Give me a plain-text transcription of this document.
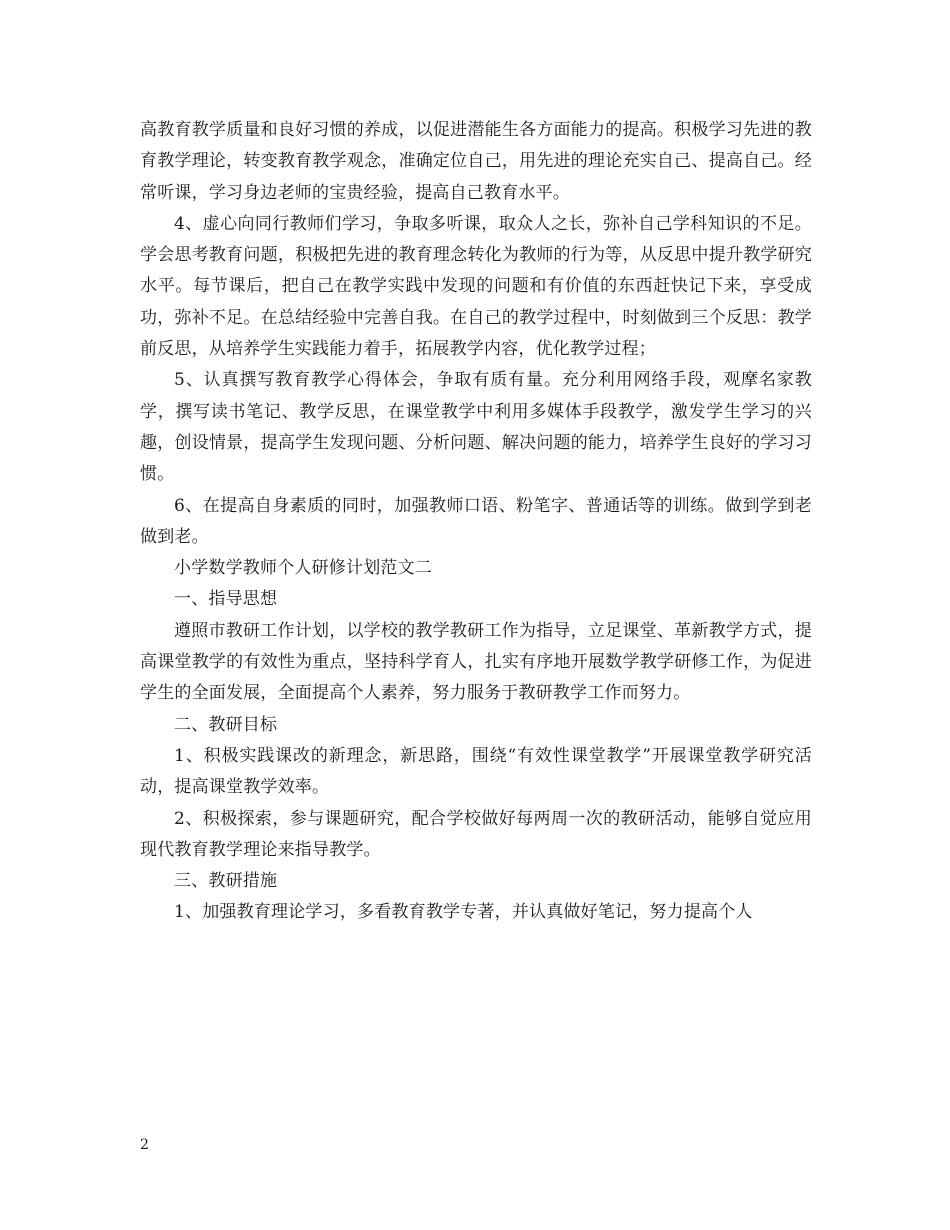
高教育教学质量和良好习惯的养成，以促进潜能生各方面能力的提高。积极学习先进的教育教学理论，转变教育教学观念，准确定位自己，用先进的理论充实自己、提高自己。经常听课，学习身边老师的宝贵经验，提高自己教育水平。

4、虚心向同行教师们学习，争取多听课，取众人之长，弥补自己学科知识的不足。学会思考教育问题，积极把先进的教育理念转化为教师的行为等，从反思中提升教学研究水平。每节课后，把自己在教学实践中发现的问题和有价值的东西赶快记下来，享受成功，弥补不足。在总结经验中完善自我。在自己的教学过程中，时刻做到三个反思：教学前反思，从培养学生实践能力着手，拓展教学内容，优化教学过程；

5、认真撰写教育教学心得体会，争取有质有量。充分利用网络手段，观摩名家教学，撰写读书笔记、教学反思，在课堂教学中利用多媒体手段教学，激发学生学习的兴趣，创设情景，提高学生发现问题、分析问题、解决问题的能力，培养学生良好的学习习惯。

6、在提高自身素质的同时，加强教师口语、粉笔字、普通话等的训练。做到学到老做到老。

小学数学教师个人研修计划范文二

一、指导思想

遵照市教研工作计划，以学校的教学教研工作为指导，立足课堂、革新教学方式，提高课堂教学的有效性为重点，坚持科学育人，扎实有序地开展数学教学研修工作，为促进学生的全面发展，全面提高个人素养，努力服务于教研教学工作而努力。

二、教研目标

1、积极实践课改的新理念，新思路，围绕“有效性课堂教学”开展课堂教学研究活动，提高课堂教学效率。

2、积极探索，参与课题研究，配合学校做好每两周一次的教研活动，能够自觉应用现代教育教学理论来指导教学。

三、教研措施

1、加强教育理论学习，多看教育教学专著，并认真做好笔记，努力提高个人

2
